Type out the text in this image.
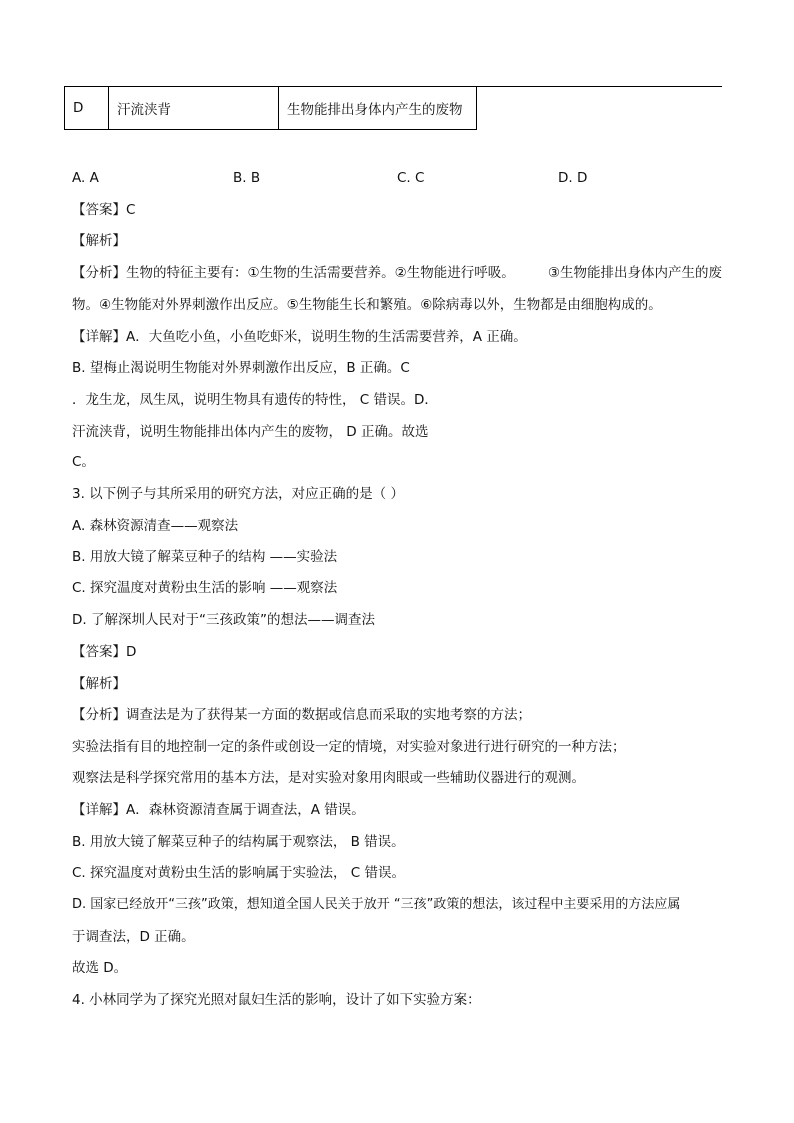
D	汗流浃背	生物能排出身体内产生的废物
A. A	B. B	C. C	D. D
【答案】C
【解析】
【分析】生物的特征主要有：①生物的生活需要营养。②生物能进行呼吸。 ③生物能排出身体内产生的废
物。④生物能对外界刺激作出反应。⑤生物能生长和繁殖。⑥除病毒以外，生物都是由细胞构成的。
【详解】A．大鱼吃小鱼，小鱼吃虾米，说明生物的生活需要营养，A 正确。
B. 望梅止渴说明生物能对外界刺激作出反应，B 正确。C
．龙生龙，凤生凤，说明生物具有遗传的特性， C 错误。D．
汗流浃背，说明生物能排出体内产生的废物， D 正确。故选
C。
3. 以下例子与其所采用的研究方法，对应正确的是（ ）
A. 森林资源清查——观察法
B. 用放大镜了解菜豆种子的结构 ——实验法
C. 探究温度对黄粉虫生活的影响 ——观察法
D. 了解深圳人民对于“三孩政策”的想法——调查法
【答案】D
【解析】
【分析】调查法是为了获得某一方面的数据或信息而采取的实地考察的方法；
实验法指有目的地控制一定的条件或创设一定的情境，对实验对象进行进行研究的一种方法；
观察法是科学探究常用的基本方法，是对实验对象用肉眼或一些辅助仪器进行的观测。
【详解】A．森林资源清查属于调查法，A 错误。
B. 用放大镜了解菜豆种子的结构属于观察法， B 错误。
C. 探究温度对黄粉虫生活的影响属于实验法， C 错误。
D. 国家已经放开“三孩”政策，想知道全国人民关于放开 “三孩”政策的想法，该过程中主要采用的方法应属
于调查法，D 正确。
故选 D。
4. 小林同学为了探究光照对鼠妇生活的影响，设计了如下实验方案：
